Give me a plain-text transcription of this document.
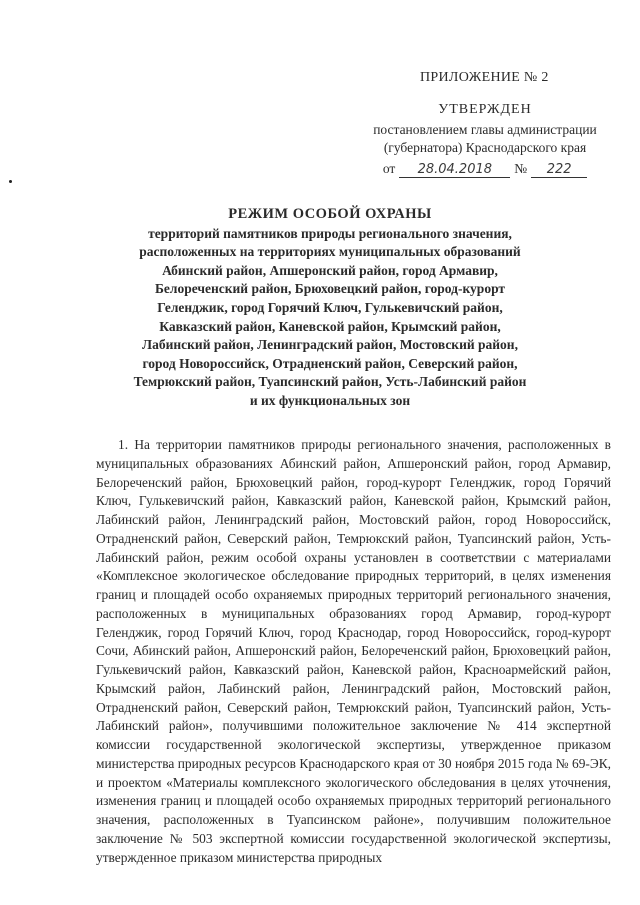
ПРИЛОЖЕНИЕ № 2
УТВЕРЖДЕН
постановлением главы администрации
(губернатора) Краснодарского края
от	28.04.2018	№	222
РЕЖИМ ОСОБОЙ ОХРАНЫ
территорий памятников природы регионального значения,
расположенных на территориях муниципальных образований
Абинский район, Апшеронский район, город Армавир,
Белореченский район, Брюховецкий район, город-курорт
Геленджик, город Горячий Ключ, Гулькевичский район,
Кавказский район, Каневской район, Крымский район,
Лабинский район, Ленинградский район, Мостовский район,
город Новороссийск, Отрадненский район, Северский район,
Темрюкский район, Туапсинский район, Усть-Лабинский район
и их функциональных зон

1. На территории памятников природы регионального значения, расположенных в муниципальных образованиях Абинский район, Апшеронский район, город Армавир, Белореченский район, Брюховецкий район, город-курорт Геленджик, город Горячий Ключ, Гулькевичский район, Кавказский район, Каневской район, Крымский район, Лабинский район, Ленинградский район, Мостовский район, город Новороссийск, Отрадненский район, Северский район, Темрюкский район, Туапсинский район, Усть-Лабинский район, режим особой охраны установлен в соответствии с материалами «Комплексное экологическое обследование природных территорий, в целях изменения границ и площадей особо охраняемых природных территорий регионального значения, расположенных в муниципальных образованиях город Армавир, город-курорт Геленджик, город Горячий Ключ, город Краснодар, город Новороссийск, город-курорт Сочи, Абинский район, Апшеронский район, Белореченский район, Брюховецкий район, Гулькевичский район, Кавказский район, Каневской район, Красноармейский район, Крымский район, Лабинский район, Ленинградский район, Мостовский район, Отрадненский район, Северский район, Темрюкский район, Туапсинский район, Усть-Лабинский район», получившими положительное заключение № 414 экспертной комиссии государственной экологической экспертизы, утвержденное приказом министерства природных ресурсов Краснодарского края от 30 ноября 2015 года № 69-ЭК, и проектом «Материалы комплексного экологического обследования в целях уточнения, изменения границ и площадей особо охраняемых природных территорий регионального значения, расположенных в Туапсинском районе», получившим положительное заключение № 503 экспертной комиссии государственной экологической экспертизы, утвержденное приказом министерства природных
